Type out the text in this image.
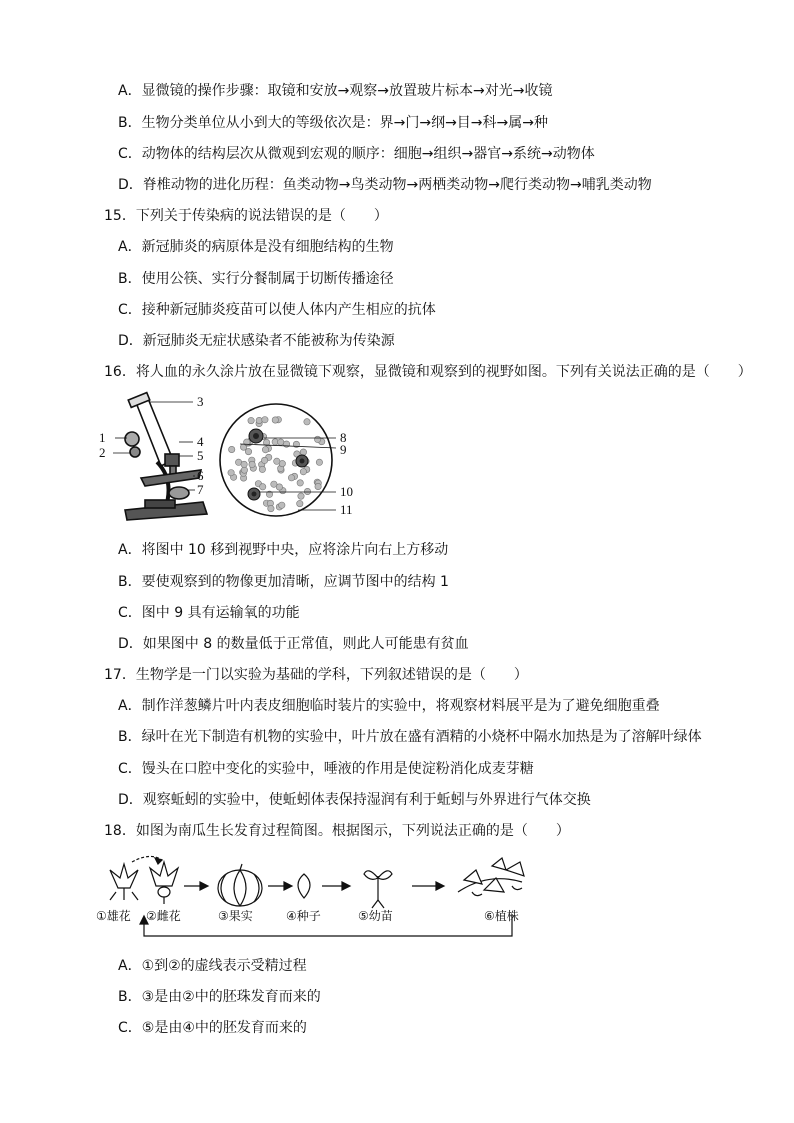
A．显微镜的操作步骤：取镜和安放→观察→放置玻片标本→对光→收镜
B．生物分类单位从小到大的等级依次是：界→门→纲→目→科→属→种
C．动物体的结构层次从微观到宏观的顺序：细胞→组织→器官→系统→动物体
D．脊椎动物的进化历程：鱼类动物→鸟类动物→两栖类动物→爬行类动物→哺乳类动物
15．下列关于传染病的说法错误的是（　　）
A．新冠肺炎的病原体是没有细胞结构的生物
B．使用公筷、实行分餐制属于切断传播途径
C．接种新冠肺炎疫苗可以使人体内产生相应的抗体
D．新冠肺炎无症状感染者不能被称为传染源
16．将人血的永久涂片放在显微镜下观察，显微镜和观察到的视野如图。下列有关说法正确的是（　　）
3
1
2
4
5
6
7
8
9
10
11
A．将图中 10 移到视野中央，应将涂片向右上方移动
B．要使观察到的物像更加清晰，应调节图中的结构 1
C．图中 9 具有运输氧的功能
D．如果图中 8 的数量低于正常值，则此人可能患有贫血
17．生物学是一门以实验为基础的学科，下列叙述错误的是（　　）
A．制作洋葱鳞片叶内表皮细胞临时装片的实验中，将观察材料展平是为了避免细胞重叠
B．绿叶在光下制造有机物的实验中，叶片放在盛有酒精的小烧杯中隔水加热是为了溶解叶绿体
C．馒头在口腔中变化的实验中，唾液的作用是使淀粉消化成麦芽糖
D．观察蚯蚓的实验中，使蚯蚓体表保持湿润有利于蚯蚓与外界进行气体交换
18．如图为南瓜生长发育过程简图。根据图示，下列说法正确的是（　　）
①雄花 ②雌花	③果实	④种子	⑤幼苗	⑥植株
A．①到②的虚线表示受精过程
B．③是由②中的胚珠发育而来的
C．⑤是由④中的胚发育而来的
